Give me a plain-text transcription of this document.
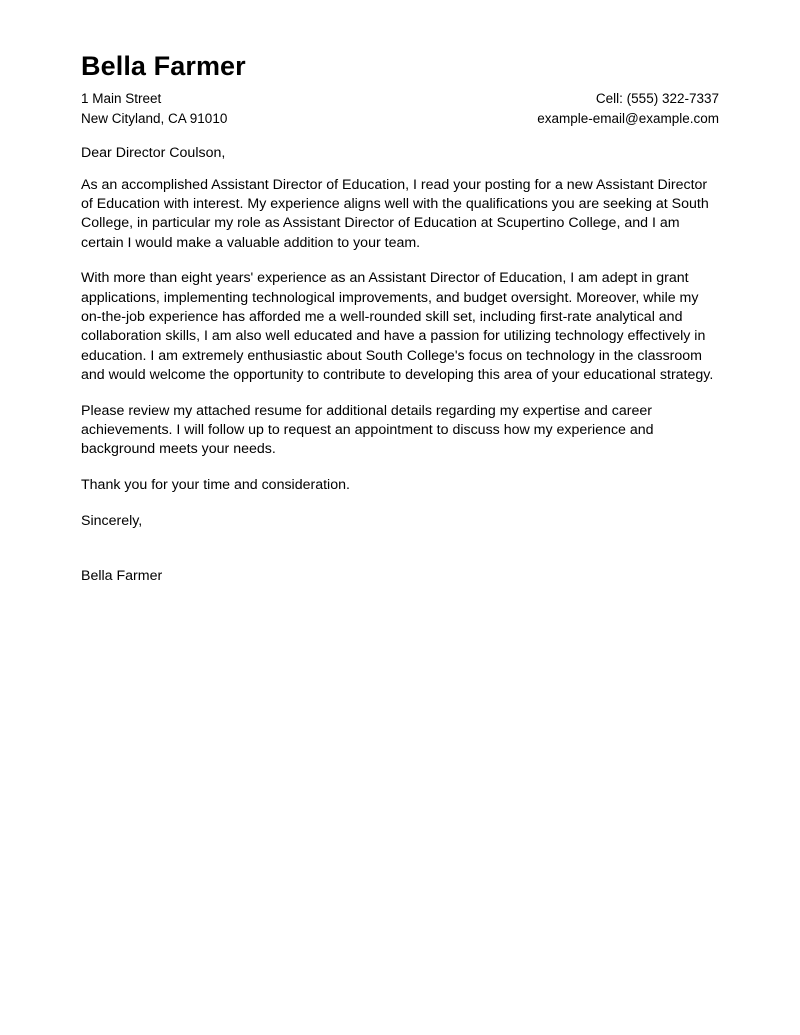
Bella Farmer
1 Main Street	Cell: (555) 322-7337
New Cityland, CA 91010	example-email@example.com

Dear Director Coulson,

As an accomplished Assistant Director of Education, I read your posting for a new Assistant Director of Education with interest. My experience aligns well with the qualifications you are seeking at South College, in particular my role as Assistant Director of Education at Scupertino College, and I am certain I would make a valuable addition to your team.

With more than eight years' experience as an Assistant Director of Education, I am adept in grant applications, implementing technological improvements, and budget oversight. Moreover, while my on-the-job experience has afforded me a well-rounded skill set, including first-rate analytical and collaboration skills, I am also well educated and have a passion for utilizing technology effectively in education. I am extremely enthusiastic about South College's focus on technology in the classroom and would welcome the opportunity to contribute to developing this area of your educational strategy.

Please review my attached resume for additional details regarding my expertise and career achievements. I will follow up to request an appointment to discuss how my experience and background meets your needs.

Thank you for your time and consideration.

Sincerely,

Bella Farmer
